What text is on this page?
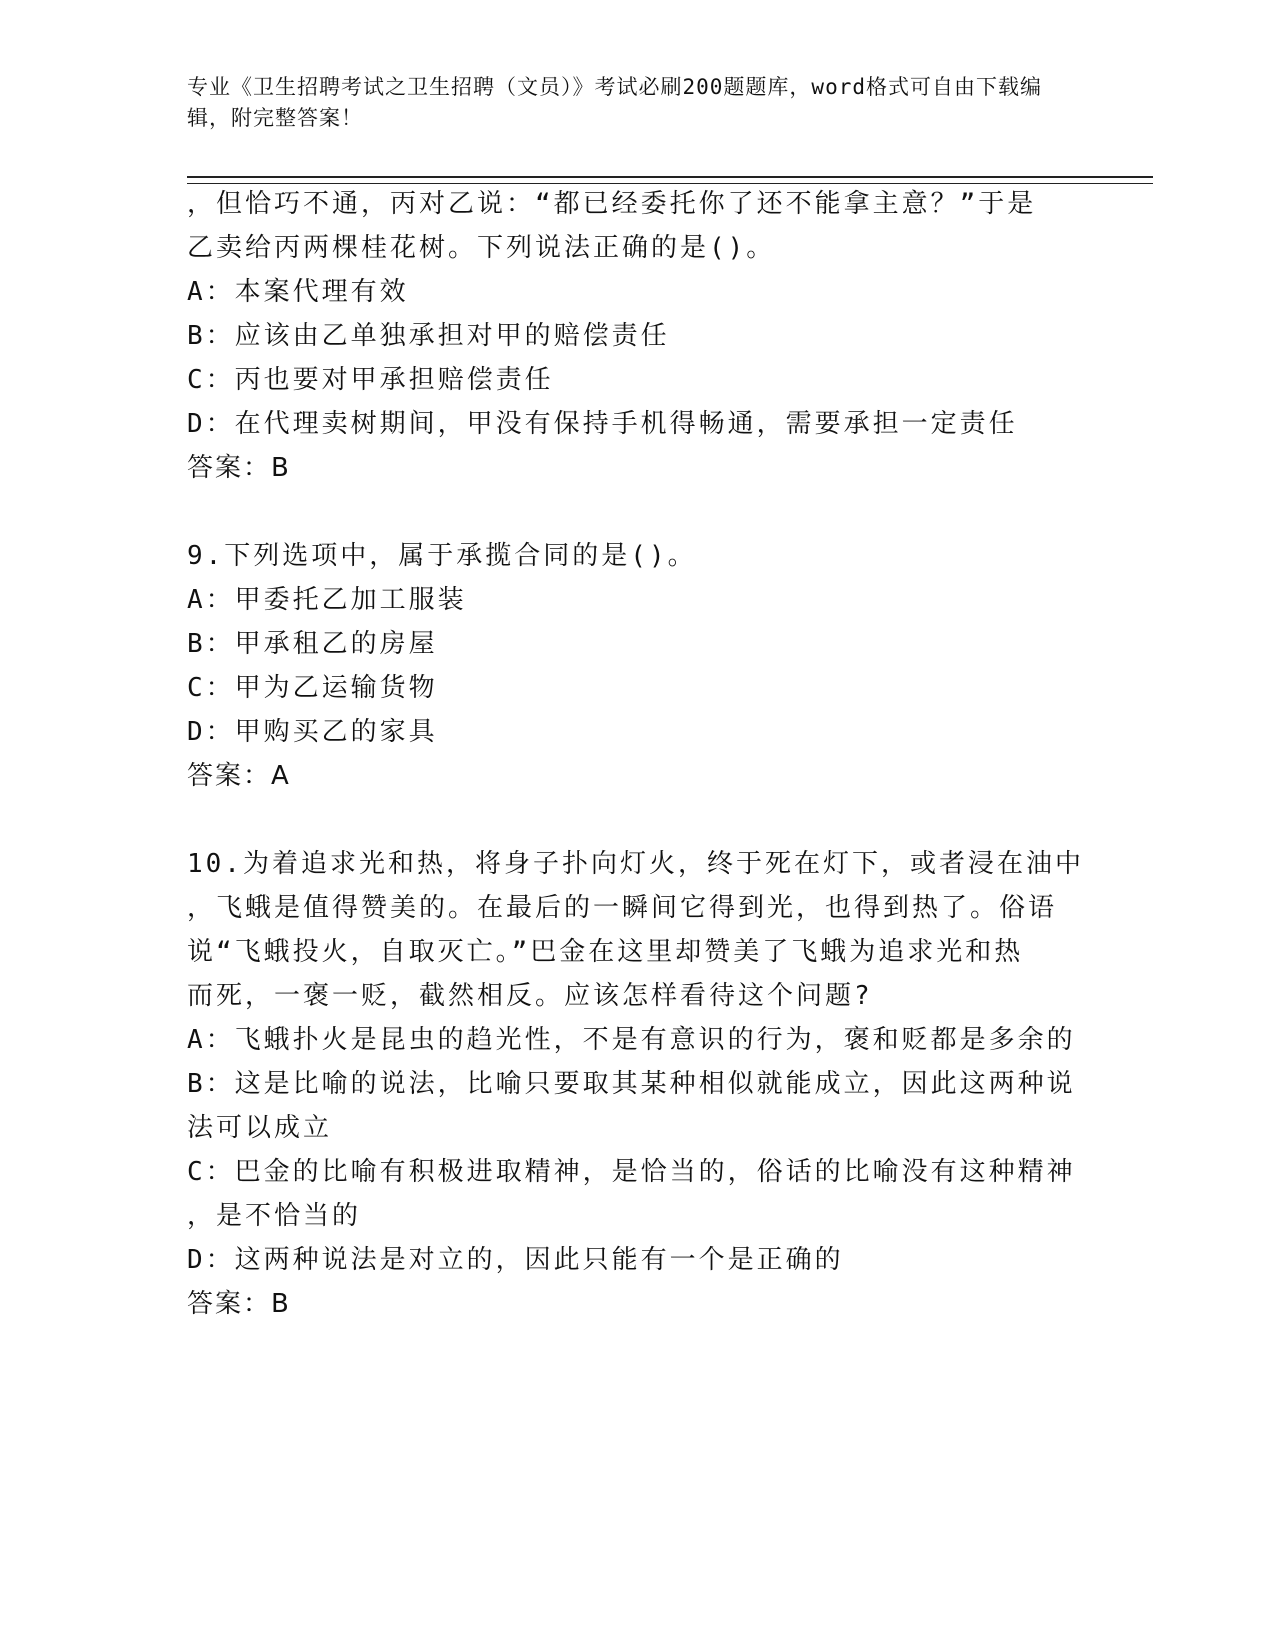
专业《卫生招聘考试之卫生招聘（文员）》考试必刷200题题库，word格式可自由下载编辑，附完整答案！
，但恰巧不通，丙对乙说：“都已经委托你了还不能拿主意？”于是
乙卖给丙两棵桂花树。下列说法正确的是()。
A：本案代理有效
B：应该由乙单独承担对甲的赔偿责任
C：丙也要对甲承担赔偿责任
D：在代理卖树期间，甲没有保持手机得畅通，需要承担一定责任
答案：B
9.下列选项中，属于承揽合同的是()。
A：甲委托乙加工服装
B：甲承租乙的房屋
C：甲为乙运输货物
D：甲购买乙的家具
答案：A
10.为着追求光和热，将身子扑向灯火，终于死在灯下，或者浸在油中
，飞蛾是值得赞美的。在最后的一瞬间它得到光，也得到热了。俗语
说“飞蛾投火，自取灭亡。”巴金在这里却赞美了飞蛾为追求光和热
而死，一褒一贬，截然相反。应该怎样看待这个问题?
A：飞蛾扑火是昆虫的趋光性，不是有意识的行为，褒和贬都是多余的
B：这是比喻的说法，比喻只要取其某种相似就能成立，因此这两种说
法可以成立
C：巴金的比喻有积极进取精神，是恰当的，俗话的比喻没有这种精神
，是不恰当的
D：这两种说法是对立的，因此只能有一个是正确的
答案：B
